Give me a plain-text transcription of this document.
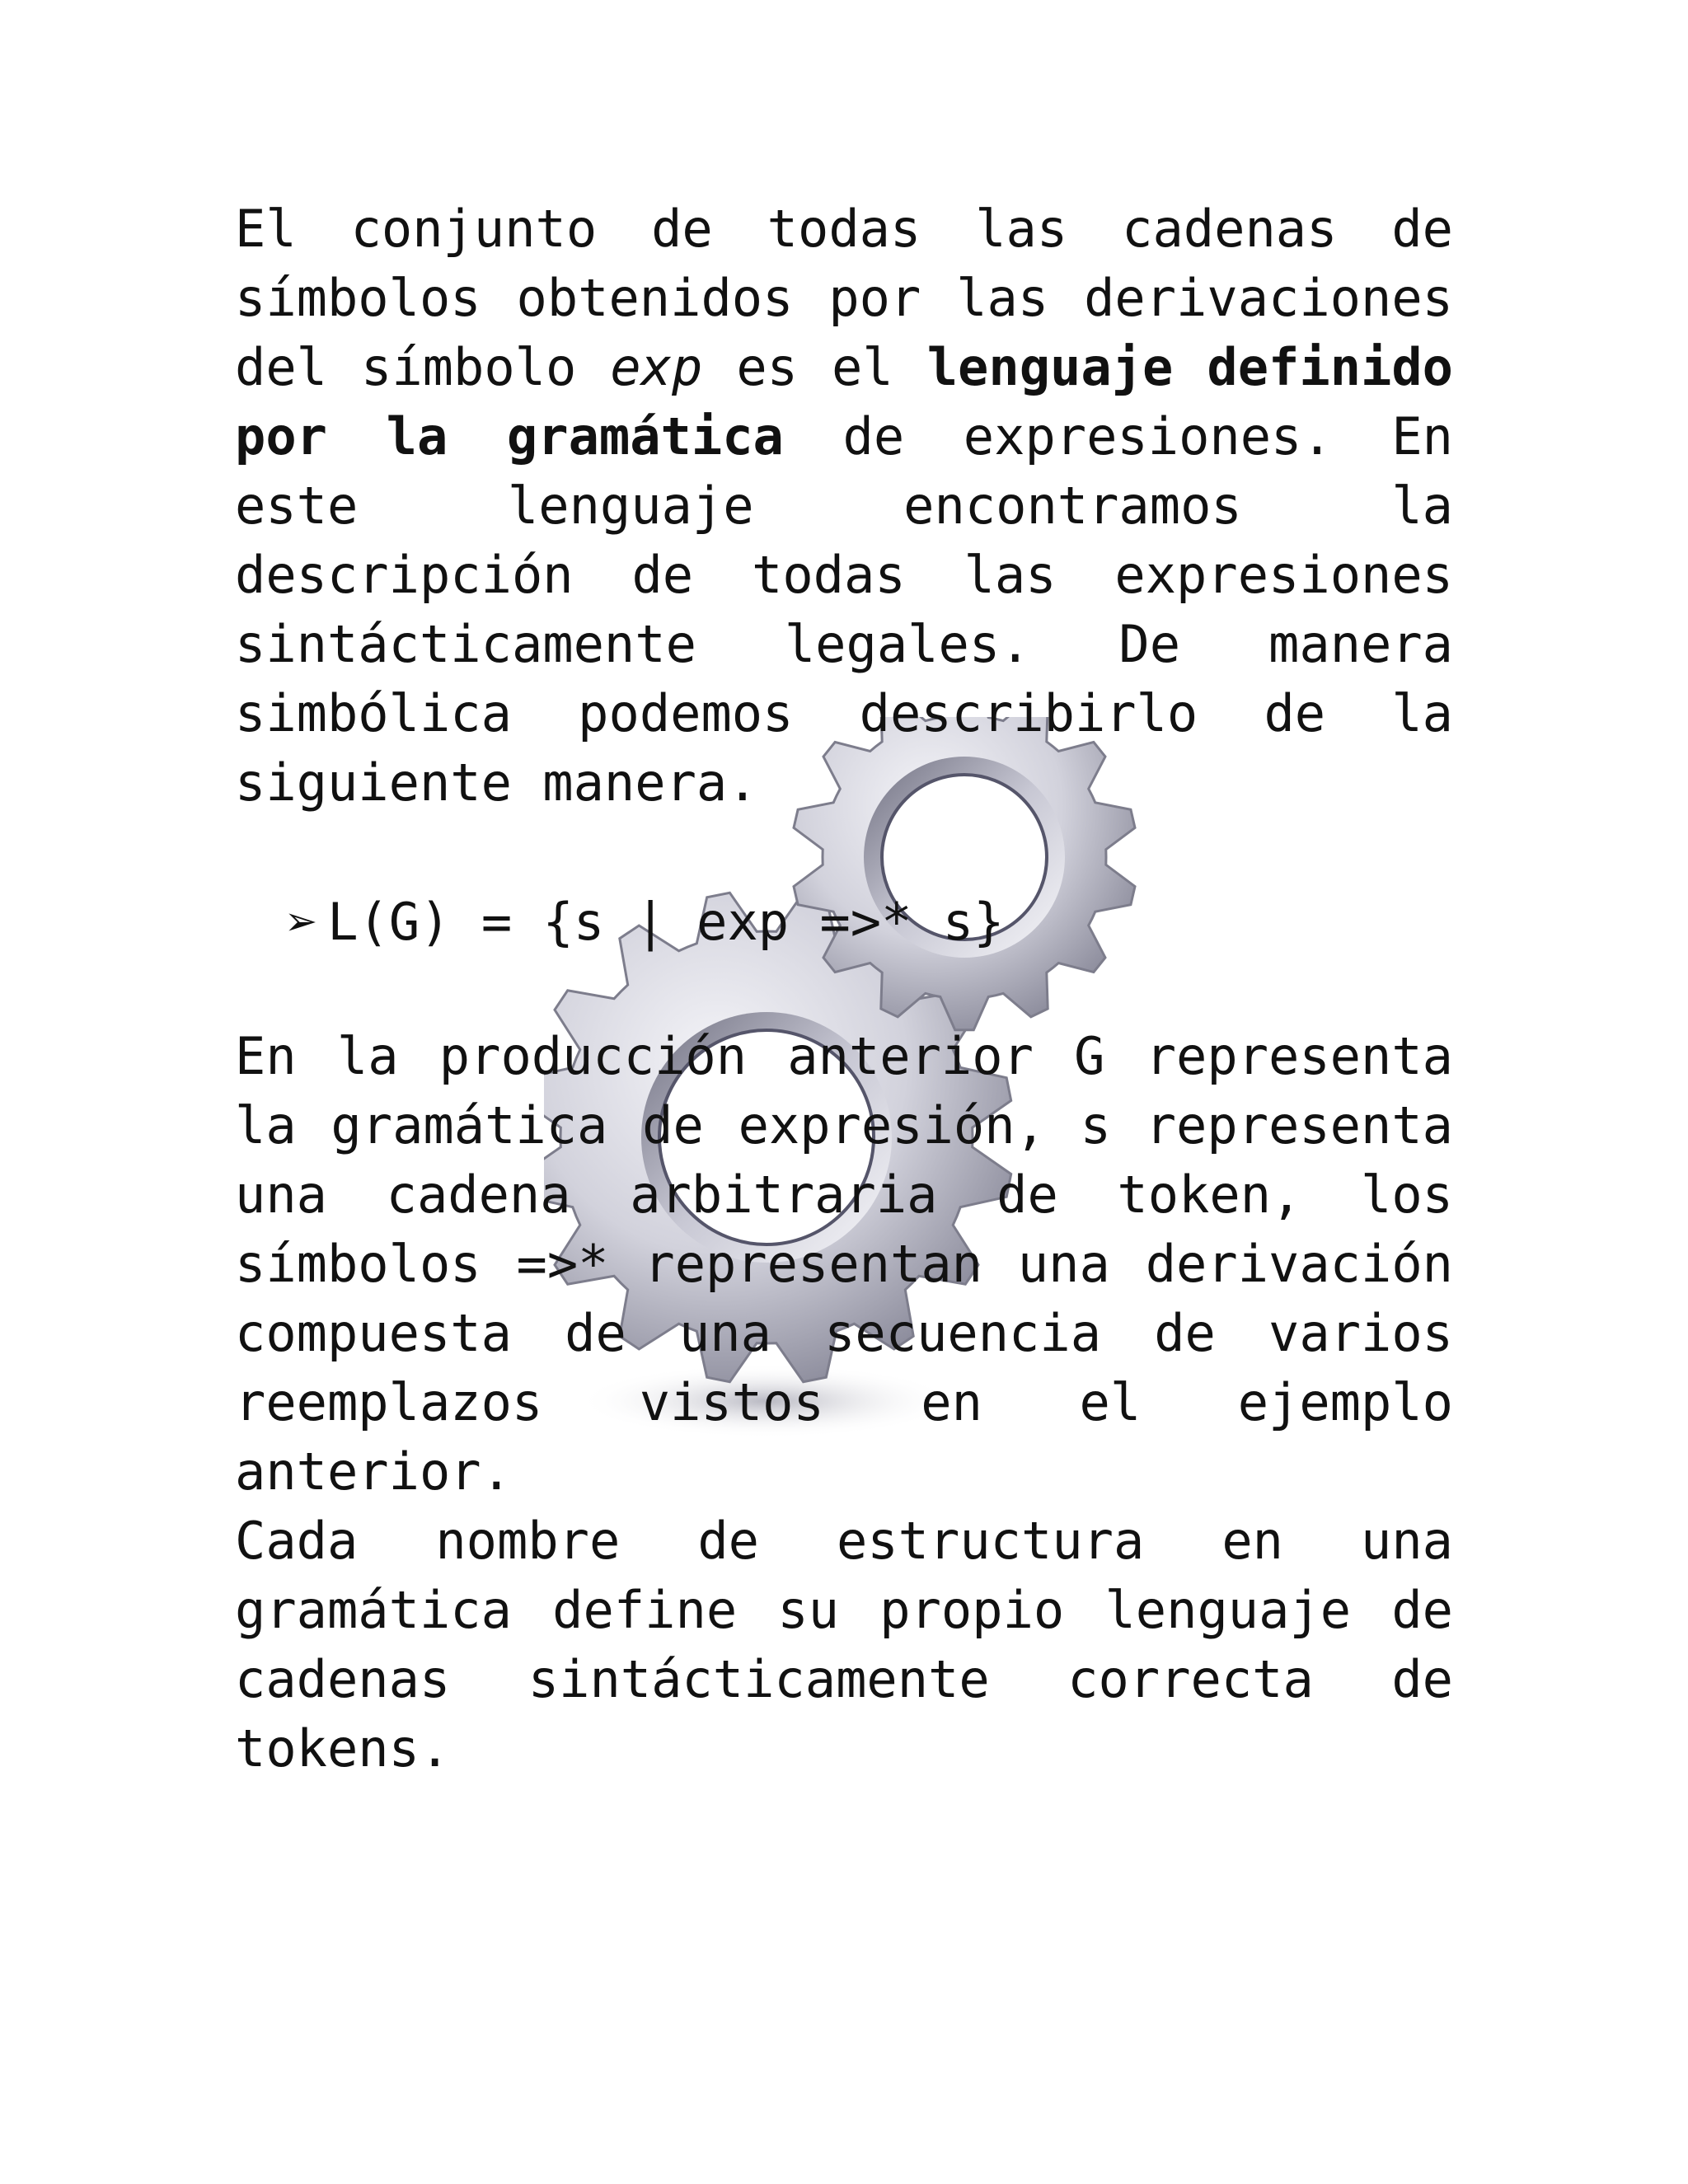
El conjunto de todas las cadenas de símbolos obtenidos por las derivaciones del símbolo exp es el lenguaje definido por la gramática de expresiones. En este lenguaje encontramos la descripción de todas las expresiones sintácticamente legales. De manera simbólica podemos describirlo de la siguiente manera.

➢ L(G) = {s | exp =>* s}

En la producción anterior G representa la gramática de expresión, s representa una cadena arbitraria de token, los símbolos =>* representan una derivación compuesta de una secuencia de varios reemplazos vistos en el ejemplo anterior.

Cada nombre de estructura en una gramática define su propio lenguaje de cadenas sintácticamente correcta de tokens.
